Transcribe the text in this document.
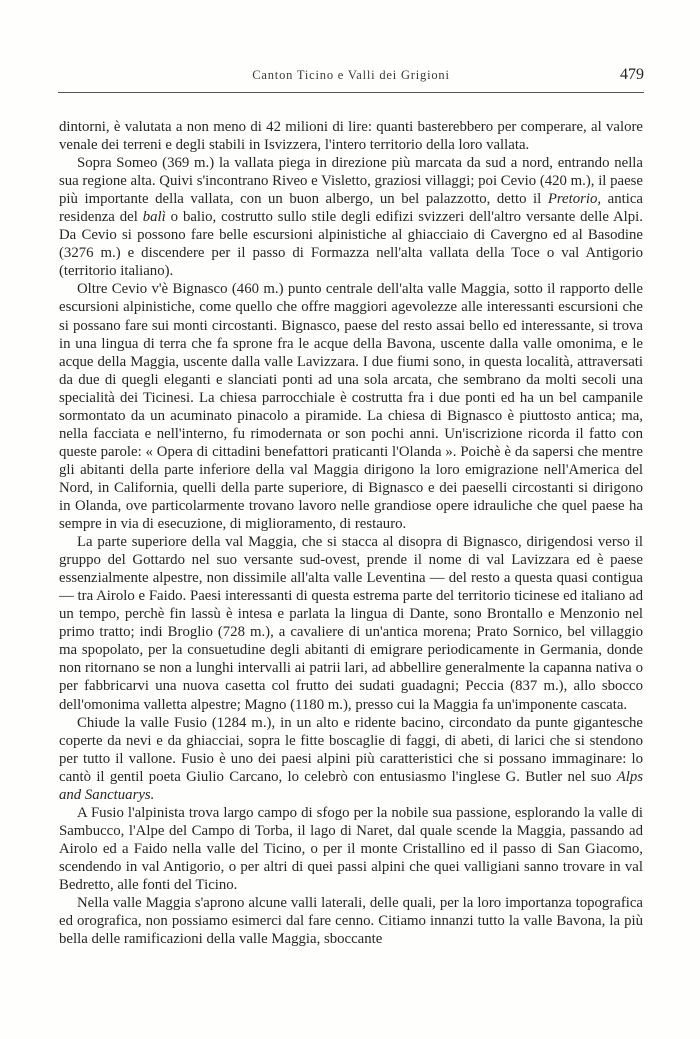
Canton Ticino e Valli dei Grigioni	479

dintorni, è valutata a non meno di 42 milioni di lire: quanti basterebbero per comperare, al valore venale dei terreni e degli stabili in Isvizzera, l'intero territorio della loro vallata.

Sopra Someo (369 m.) la vallata piega in direzione più marcata da sud a nord, entrando nella sua regione alta. Quivi s'incontrano Riveo e Visletto, graziosi villaggi; poi Cevio (420 m.), il paese più importante della vallata, con un buon albergo, un bel palazzotto, detto il Pretorio, antica residenza del balì o balio, costrutto sullo stile degli edifizi svizzeri dell'altro versante delle Alpi. Da Cevio si possono fare belle escursioni alpinistiche al ghiacciaio di Cavergno ed al Basodine (3276 m.) e discendere per il passo di Formazza nell'alta vallata della Toce o val Antigorio (territorio italiano).

Oltre Cevio v'è Bignasco (460 m.) punto centrale dell'alta valle Maggia, sotto il rapporto delle escursioni alpinistiche, come quello che offre maggiori agevolezze alle interessanti escursioni che si possano fare sui monti circostanti. Bignasco, paese del resto assai bello ed interessante, si trova in una lingua di terra che fa sprone fra le acque della Bavona, uscente dalla valle omonima, e le acque della Maggia, uscente dalla valle Lavizzara. I due fiumi sono, in questa località, attraversati da due di quegli eleganti e slanciati ponti ad una sola arcata, che sembrano da molti secoli una specialità dei Ticinesi. La chiesa parrocchiale è costrutta fra i due ponti ed ha un bel campanile sormontato da un acuminato pinacolo a piramide. La chiesa di Bignasco è piuttosto antica; ma, nella facciata e nell'interno, fu rimodernata or son pochi anni. Un'iscrizione ricorda il fatto con queste parole: « Opera di cittadini benefattori praticanti l'Olanda ». Poichè è da sapersi che mentre gli abitanti della parte inferiore della val Maggia dirigono la loro emigrazione nell'America del Nord, in California, quelli della parte superiore, di Bignasco e dei paeselli circostanti si dirigono in Olanda, ove particolarmente trovano lavoro nelle grandiose opere idrauliche che quel paese ha sempre in via di esecuzione, di miglioramento, di restauro.

La parte superiore della val Maggia, che si stacca al disopra di Bignasco, dirigendosi verso il gruppo del Gottardo nel suo versante sud-ovest, prende il nome di val Lavizzara ed è paese essenzialmente alpestre, non dissimile all'alta valle Leventina — del resto a questa quasi contigua — tra Airolo e Faido. Paesi interessanti di questa estrema parte del territorio ticinese ed italiano ad un tempo, perchè fin lassù è intesa e parlata la lingua di Dante, sono Brontallo e Menzonio nel primo tratto; indi Broglio (728 m.), a cavaliere di un'antica morena; Prato Sornico, bel villaggio ma spopolato, per la consuetudine degli abitanti di emigrare periodicamente in Germania, donde non ritornano se non a lunghi intervalli ai patrii lari, ad abbellire generalmente la capanna nativa o per fabbricarvi una nuova casetta col frutto dei sudati guadagni; Peccia (837 m.), allo sbocco dell'omonima valletta alpestre; Magno (1180 m.), presso cui la Maggia fa un'imponente cascata.

Chiude la valle Fusio (1284 m.), in un alto e ridente bacino, circondato da punte gigantesche coperte da nevi e da ghiacciai, sopra le fitte boscaglie di faggi, di abeti, di larici che si stendono per tutto il vallone. Fusio è uno dei paesi alpini più caratteristici che si possano immaginare: lo cantò il gentil poeta Giulio Carcano, lo celebrò con entusiasmo l'inglese G. Butler nel suo Alps and Sanctuarys.

A Fusio l'alpinista trova largo campo di sfogo per la nobile sua passione, esplorando la valle di Sambucco, l'Alpe del Campo di Torba, il lago di Naret, dal quale scende la Maggia, passando ad Airolo ed a Faido nella valle del Ticino, o per il monte Cristallino ed il passo di San Giacomo, scendendo in val Antigorio, o per altri di quei passi alpini che quei valligiani sanno trovare in val Bedretto, alle fonti del Ticino.

Nella valle Maggia s'aprono alcune valli laterali, delle quali, per la loro importanza topografica ed orografica, non possiamo esimerci dal fare cenno. Citiamo innanzi tutto la valle Bavona, la più bella delle ramificazioni della valle Maggia, sboccante
